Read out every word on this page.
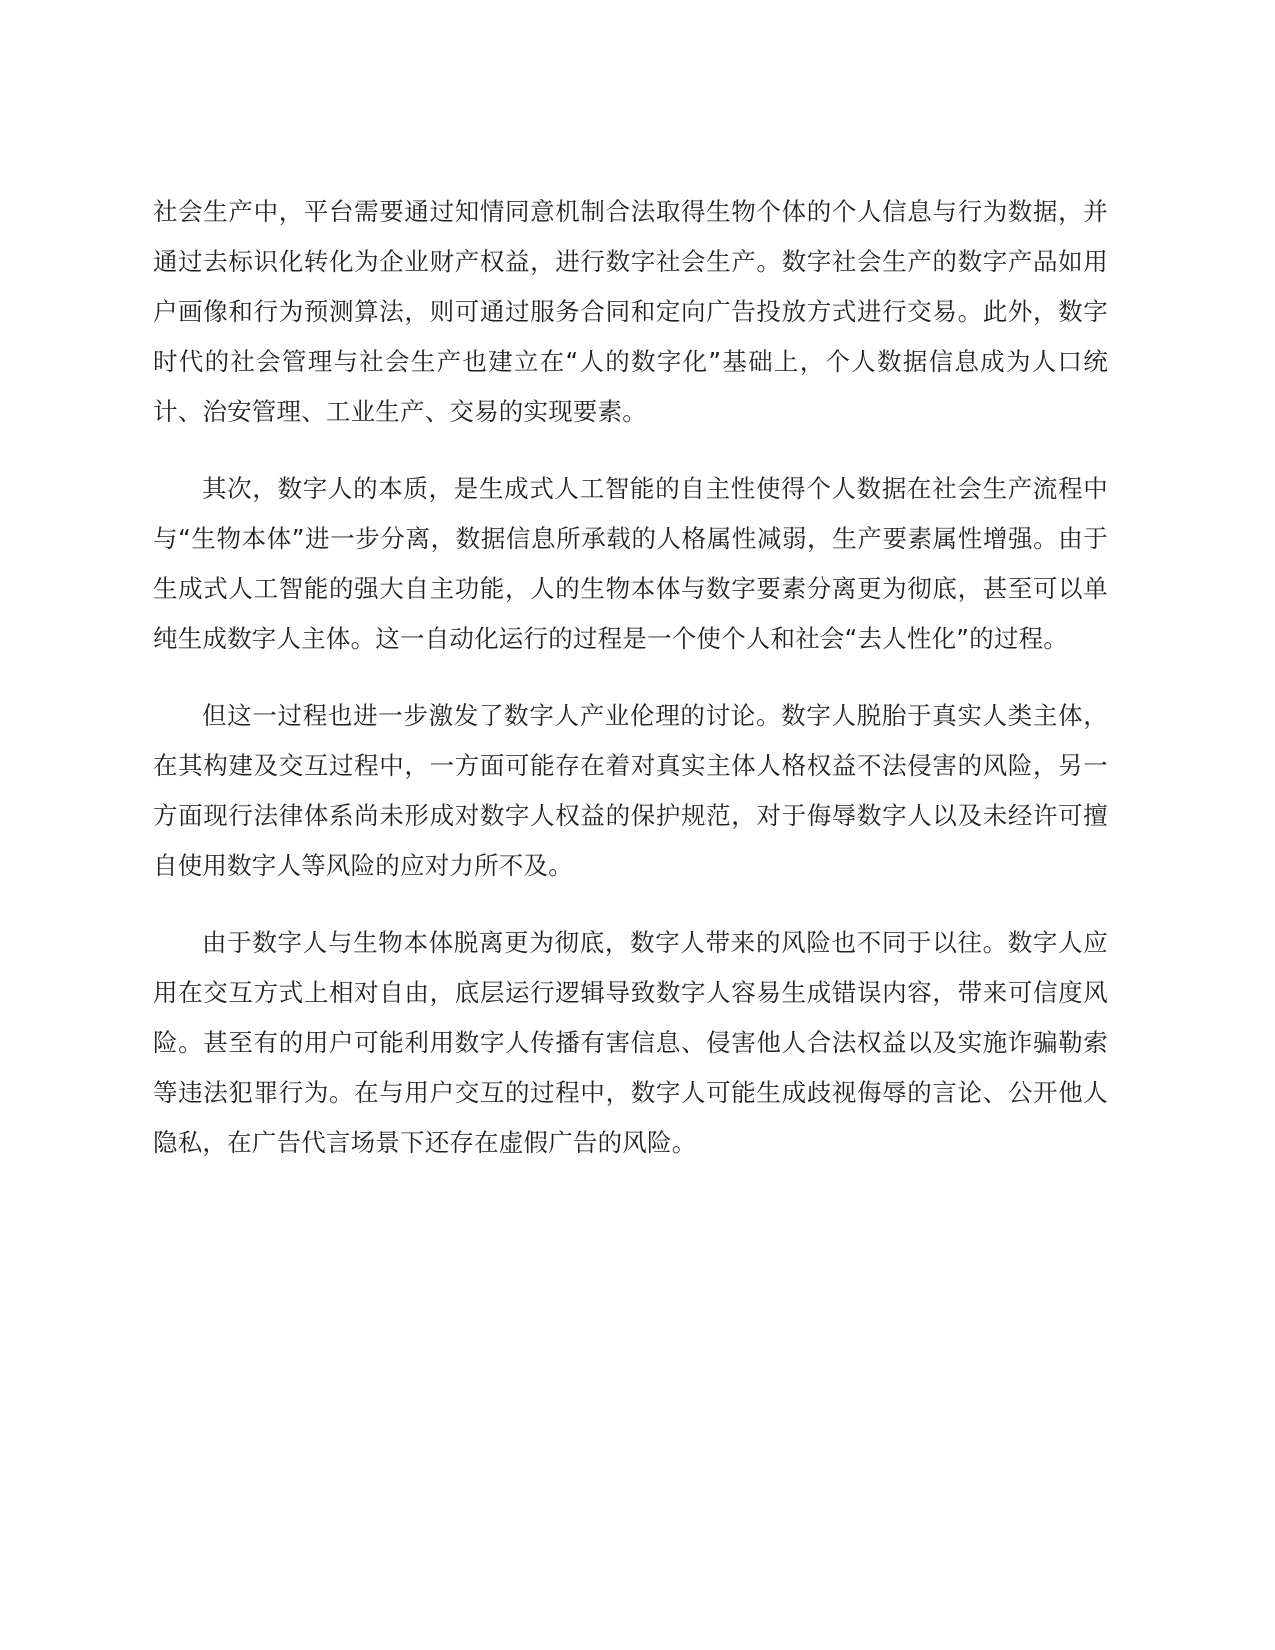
社会生产中，平台需要通过知情同意机制合法取得生物个体的个人信息与行为数据，并通过去标识化转化为企业财产权益，进行数字社会生产。数字社会生产的数字产品如用户画像和行为预测算法，则可通过服务合同和定向广告投放方式进行交易。此外，数字时代的社会管理与社会生产也建立在“人的数字化”基础上，个人数据信息成为人口统计、治安管理、工业生产、交易的实现要素。

其次，数字人的本质，是生成式人工智能的自主性使得个人数据在社会生产流程中与“生物本体”进一步分离，数据信息所承载的人格属性减弱，生产要素属性增强。由于生成式人工智能的强大自主功能，人的生物本体与数字要素分离更为彻底，甚至可以单纯生成数字人主体。这一自动化运行的过程是一个使个人和社会“去人性化”的过程。

但这一过程也进一步激发了数字人产业伦理的讨论。数字人脱胎于真实人类主体，在其构建及交互过程中，一方面可能存在着对真实主体人格权益不法侵害的风险，另一方面现行法律体系尚未形成对数字人权益的保护规范，对于侮辱数字人以及未经许可擅自使用数字人等风险的应对力所不及。

由于数字人与生物本体脱离更为彻底，数字人带来的风险也不同于以往。数字人应用在交互方式上相对自由，底层运行逻辑导致数字人容易生成错误内容，带来可信度风险。甚至有的用户可能利用数字人传播有害信息、侵害他人合法权益以及实施诈骗勒索等违法犯罪行为。在与用户交互的过程中，数字人可能生成歧视侮辱的言论、公开他人隐私，在广告代言场景下还存在虚假广告的风险。
